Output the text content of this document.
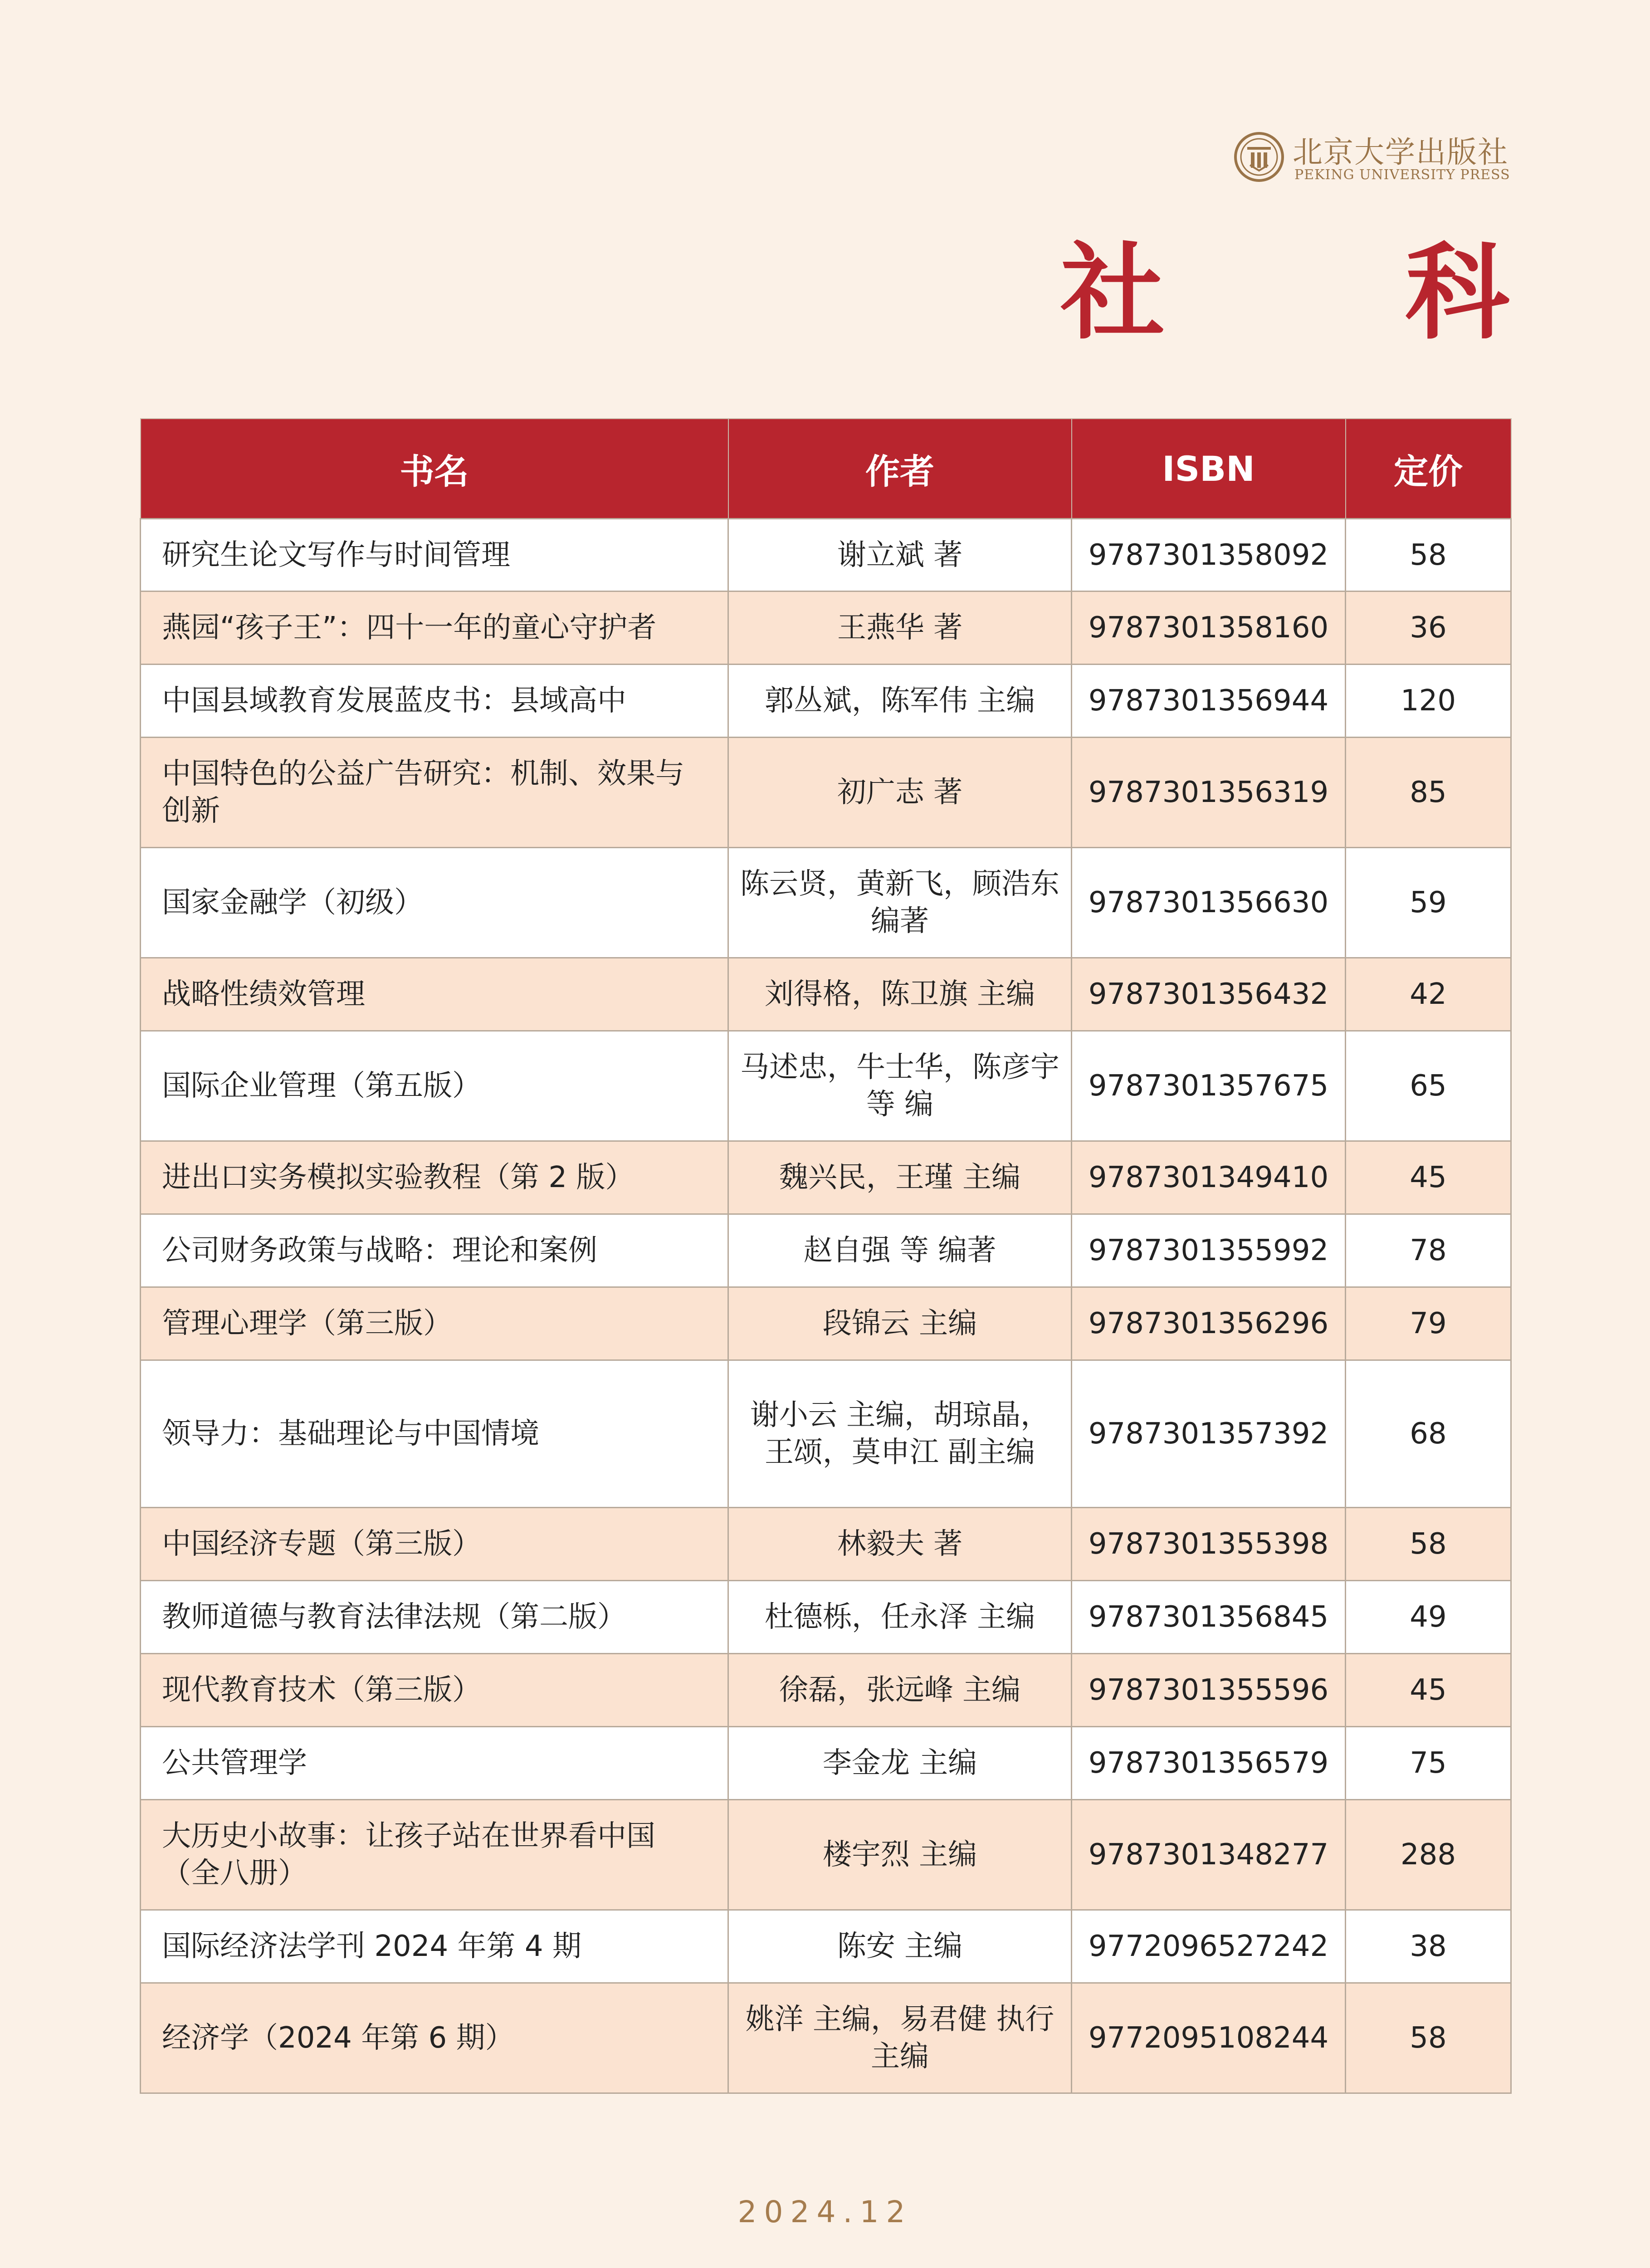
北京大学出版社
PEKING UNIVERSITY PRESS
社　科
书名	作者	ISBN	定价
研究生论文写作与时间管理	谢立斌 著	9787301358092	58
燕园“孩子王”：四十一年的童心守护者	王燕华 著	9787301358160	36
中国县域教育发展蓝皮书：县域高中	郭丛斌，陈军伟 主编	9787301356944	120
中国特色的公益广告研究：机制、效果与创新	初广志 著	9787301356319	85
国家金融学（初级）	陈云贤，黄新飞，顾浩东 编著	9787301356630	59
战略性绩效管理	刘得格，陈卫旗 主编	9787301356432	42
国际企业管理（第五版）	马述忠，牛士华，陈彦宇 等 编	9787301357675	65
进出口实务模拟实验教程（第 2 版）	魏兴民，王瑾 主编	9787301349410	45
公司财务政策与战略：理论和案例	赵自强 等 编著	9787301355992	78
管理心理学（第三版）	段锦云 主编	9787301356296	79
领导力：基础理论与中国情境	谢小云 主编，胡琼晶，王颂，莫申江 副主编	9787301357392	68
中国经济专题（第三版）	林毅夫 著	9787301355398	58
教师道德与教育法律法规（第二版）	杜德栎，任永泽 主编	9787301356845	49
现代教育技术（第三版）	徐磊，张远峰 主编	9787301355596	45
公共管理学	李金龙 主编	9787301356579	75
大历史小故事：让孩子站在世界看中国（全八册）	楼宇烈 主编	9787301348277	288
国际经济法学刊 2024 年第 4 期	陈安 主编	9772096527242	38
经济学（2024 年第 6 期）	姚洋 主编，易君健 执行主编	9772095108244	58
2024.12
